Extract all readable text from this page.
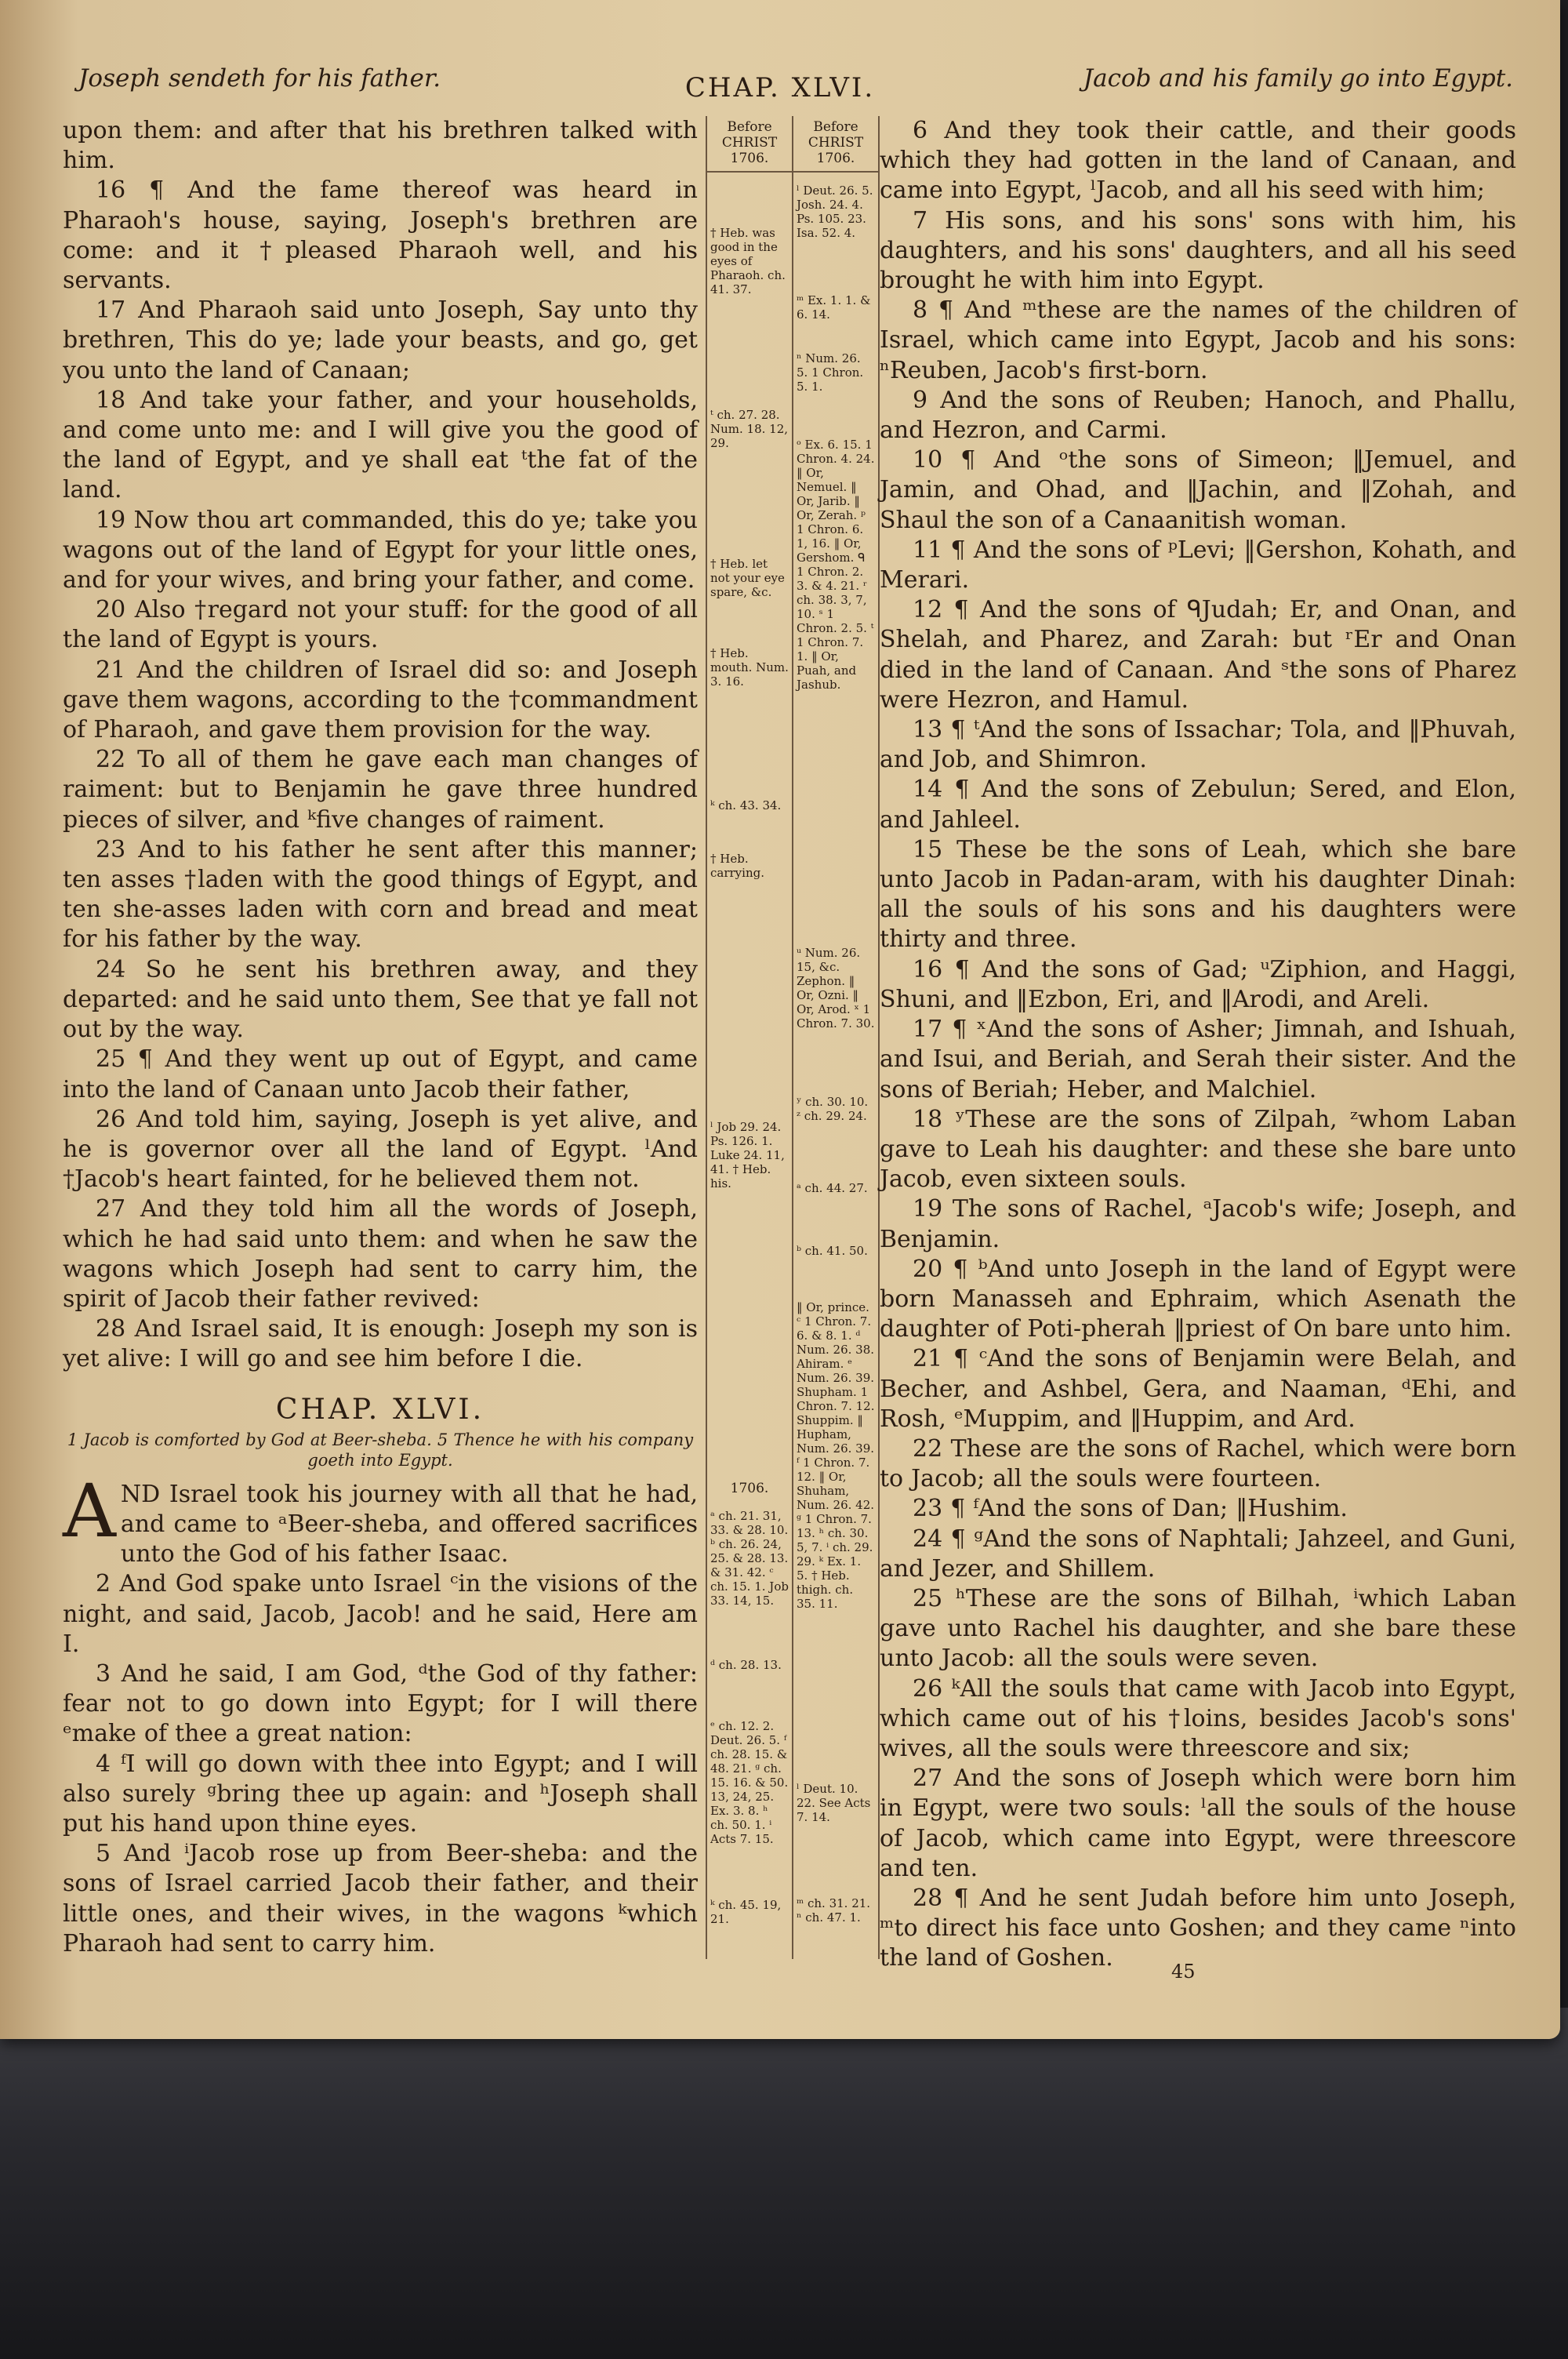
Joseph sendeth for his father.	CHAP. XLVI.	Jacob and his family go into Egypt.

upon them: and after that his brethren talked with him.

16 ¶ And the fame thereof was heard in Pharaoh's house, saying, Joseph's brethren are come: and it †pleased Pharaoh well, and his servants.

17 And Pharaoh said unto Joseph, Say unto thy brethren, This do ye; lade your beasts, and go, get you unto the land of Canaan;

18 And take your father, and your households, and come unto me: and I will give you the good of the land of Egypt, and ye shall eat ᵗthe fat of the land.

19 Now thou art commanded, this do ye; take you wagons out of the land of Egypt for your little ones, and for your wives, and bring your father, and come.

20 Also †regard not your stuff: for the good of all the land of Egypt is yours.

21 And the children of Israel did so: and Joseph gave them wagons, according to the †commandment of Pharaoh, and gave them provision for the way.

22 To all of them he gave each man changes of raiment: but to Benjamin he gave three hundred pieces of silver, and ᵏfive changes of raiment.

23 And to his father he sent after this manner; ten asses †laden with the good things of Egypt, and ten she-asses laden with corn and bread and meat for his father by the way.

24 So he sent his brethren away, and they departed: and he said unto them, See that ye fall not out by the way.

25 ¶ And they went up out of Egypt, and came into the land of Canaan unto Jacob their father,

26 And told him, saying, Joseph is yet alive, and he is governor over all the land of Egypt. ˡAnd †Jacob's heart fainted, for he believed them not.

27 And they told him all the words of Joseph, which he had said unto them: and when he saw the wagons which Joseph had sent to carry him, the spirit of Jacob their father revived:

28 And Israel said, It is enough: Joseph my son is yet alive: I will go and see him before I die.

CHAP. XLVI.
1 Jacob is comforted by God at Beer-sheba. 5 Thence he with his company goeth into Egypt.

AND Israel took his journey with all that he had, and came to ᵃBeer-sheba, and offered sacrifices unto the God of his father Isaac.

2 And God spake unto Israel ᶜin the visions of the night, and said, Jacob, Jacob! and he said, Here am I.

3 And he said, I am God, ᵈthe God of thy father: fear not to go down into Egypt; for I will there ᵉmake of thee a great nation:

4 ᶠI will go down with thee into Egypt; and I will also surely ᵍbring thee up again: and ʰJoseph shall put his hand upon thine eyes.

5 And ⁱJacob rose up from Beer-sheba: and the sons of Israel carried Jacob their father, and their little ones, and their wives, in the wagons ᵏwhich Pharaoh had sent to carry him.

Before
CHRIST
1706.
† Heb. was good in the eyes of Pharaoh. ch. 41. 37.
ᵗ ch. 27. 28. Num. 18. 12, 29.
† Heb. let not your eye spare, &c.
† Heb. mouth. Num. 3. 16.
ᵏ ch. 43. 34.
† Heb. carrying.
ˡ Job 29. 24. Ps. 126. 1. Luke 24. 11, 41. † Heb. his.
1706.
ᵃ ch. 21. 31, 33. & 28. 10. ᵇ ch. 26. 24, 25. & 28. 13. & 31. 42. ᶜ ch. 15. 1. Job 33. 14, 15.
ᵈ ch. 28. 13.
ᵉ ch. 12. 2. Deut. 26. 5. ᶠ ch. 28. 15. & 48. 21. ᵍ ch. 15. 16. & 50. 13, 24, 25. Ex. 3. 8. ʰ ch. 50. 1. ⁱ Acts 7. 15.
ᵏ ch. 45. 19, 21.
Before
CHRIST
1706.
ˡ Deut. 26. 5. Josh. 24. 4. Ps. 105. 23. Isa. 52. 4.
ᵐ Ex. 1. 1. & 6. 14.
ⁿ Num. 26. 5. 1 Chron. 5. 1.
ᵒ Ex. 6. 15. 1 Chron. 4. 24. ‖ Or, Nemuel. ‖ Or, Jarib. ‖ Or, Zerah. ᵖ 1 Chron. 6. 1, 16. ‖ Or, Gershom. ᑫ 1 Chron. 2. 3. & 4. 21. ʳ ch. 38. 3, 7, 10. ˢ 1 Chron. 2. 5. ᵗ 1 Chron. 7. 1. ‖ Or, Puah, and Jashub.
ᵘ Num. 26. 15, &c. Zephon. ‖ Or, Ozni. ‖ Or, Arod. ˣ 1 Chron. 7. 30.
ʸ ch. 30. 10. ᶻ ch. 29. 24.
ᵃ ch. 44. 27.
ᵇ ch. 41. 50.
‖ Or, prince. ᶜ 1 Chron. 7. 6. & 8. 1. ᵈ Num. 26. 38. Ahiram. ᵉ Num. 26. 39. Shupham. 1 Chron. 7. 12. Shuppim. ‖ Hupham, Num. 26. 39. ᶠ 1 Chron. 7. 12. ‖ Or, Shuham, Num. 26. 42. ᵍ 1 Chron. 7. 13. ʰ ch. 30. 5, 7. ⁱ ch. 29. 29. ᵏ Ex. 1. 5. † Heb. thigh. ch. 35. 11.
ˡ Deut. 10. 22. See Acts 7. 14.
ᵐ ch. 31. 21. ⁿ ch. 47. 1.

6 And they took their cattle, and their goods which they had gotten in the land of Canaan, and came into Egypt, ˡJacob, and all his seed with him;

7 His sons, and his sons' sons with him, his daughters, and his sons' daughters, and all his seed brought he with him into Egypt.

8 ¶ And ᵐthese are the names of the children of Israel, which came into Egypt, Jacob and his sons: ⁿReuben, Jacob's first-born.

9 And the sons of Reuben; Hanoch, and Phallu, and Hezron, and Carmi.

10 ¶ And ᵒthe sons of Simeon; ‖Jemuel, and Jamin, and Ohad, and ‖Jachin, and ‖Zohah, and Shaul the son of a Canaanitish woman.

11 ¶ And the sons of ᵖLevi; ‖Gershon, Kohath, and Merari.

12 ¶ And the sons of ᑫJudah; Er, and Onan, and Shelah, and Pharez, and Zarah: but ʳEr and Onan died in the land of Canaan. And ˢthe sons of Pharez were Hezron, and Hamul.

13 ¶ ᵗAnd the sons of Issachar; Tola, and ‖Phuvah, and Job, and Shimron.

14 ¶ And the sons of Zebulun; Sered, and Elon, and Jahleel.

15 These be the sons of Leah, which she bare unto Jacob in Padan-aram, with his daughter Dinah: all the souls of his sons and his daughters were thirty and three.

16 ¶ And the sons of Gad; ᵘZiphion, and Haggi, Shuni, and ‖Ezbon, Eri, and ‖Arodi, and Areli.

17 ¶ ˣAnd the sons of Asher; Jimnah, and Ishuah, and Isui, and Beriah, and Serah their sister. And the sons of Beriah; Heber, and Malchiel.

18 ʸThese are the sons of Zilpah, ᶻwhom Laban gave to Leah his daughter: and these she bare unto Jacob, even sixteen souls.

19 The sons of Rachel, ᵃJacob's wife; Joseph, and Benjamin.

20 ¶ ᵇAnd unto Joseph in the land of Egypt were born Manasseh and Ephraim, which Asenath the daughter of Poti-pherah ‖priest of On bare unto him.

21 ¶ ᶜAnd the sons of Benjamin were Belah, and Becher, and Ashbel, Gera, and Naaman, ᵈEhi, and Rosh, ᵉMuppim, and ‖Huppim, and Ard.

22 These are the sons of Rachel, which were born to Jacob; all the souls were fourteen.

23 ¶ ᶠAnd the sons of Dan; ‖Hushim.

24 ¶ ᵍAnd the sons of Naphtali; Jahzeel, and Guni, and Jezer, and Shillem.

25 ʰThese are the sons of Bilhah, ⁱwhich Laban gave unto Rachel his daughter, and she bare these unto Jacob: all the souls were seven.

26 ᵏAll the souls that came with Jacob into Egypt, which came out of his †loins, besides Jacob's sons' wives, all the souls were threescore and six;

27 And the sons of Joseph which were born him in Egypt, were two souls: ˡall the souls of the house of Jacob, which came into Egypt, were threescore and ten.

28 ¶ And he sent Judah before him unto Joseph, ᵐto direct his face unto Goshen; and they came ⁿinto the land of Goshen.	45
